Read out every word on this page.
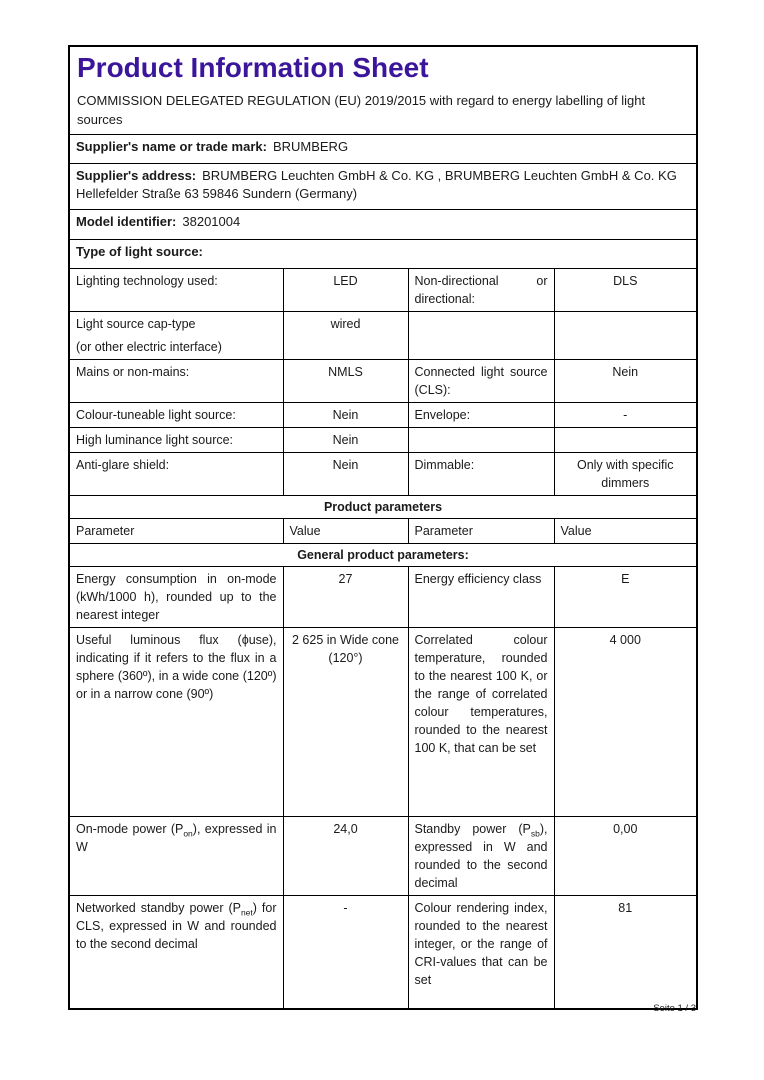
Product Information Sheet

COMMISSION DELEGATED REGULATION (EU) 2019/2015 with regard to energy labelling of light sources

Supplier's name or trade mark: BRUMBERG			
Supplier's address: BRUMBERG Leuchten GmbH & Co. KG , BRUMBERG Leuchten GmbH & Co. KG Hellefelder Straße 63 59846 Sundern (Germany)			
Model identifier: 38201004			
Type of light source:			
Lighting technology used:	LED	Non-directional or directional:	DLS

Light source cap-type
(or other electric interface)	wired		
Mains or non-mains:	NMLS	Connected light source (CLS):	Nein
Colour-tuneable light source:	Nein	Envelope:	-
High luminance light source:	Nein		
Anti-glare shield:	Nein	Dimmable:	Only with specific dimmers
Product parameters			
Parameter	Value	Parameter	Value
General product parameters:			
Energy consumption in on-mode (kWh/1000 h), rounded up to the nearest integer	27	Energy efficiency class	E
Useful luminous flux (ϕuse), indicating if it refers to the flux in a sphere (360º), in a wide cone (120º) or in a narrow cone (90º)	2 625 in Wide cone (120°)	Correlated colour temperature, rounded to the nearest 100 K, or the range of correlated colour temperatures, rounded to the nearest 100 K, that can be set	4 000
On-mode power $(P_{on})$, expressed in W	24,0	Standby power $(P_{sb})$, expressed in W and rounded to the second decimal	0,00
Networked standby power $(P_{net})$ for CLS, expressed in W and rounded to the second decimal	-	Colour rendering index, rounded to the nearest integer, or the range of CRI-values that can be set	81
Seite 1 / 3
